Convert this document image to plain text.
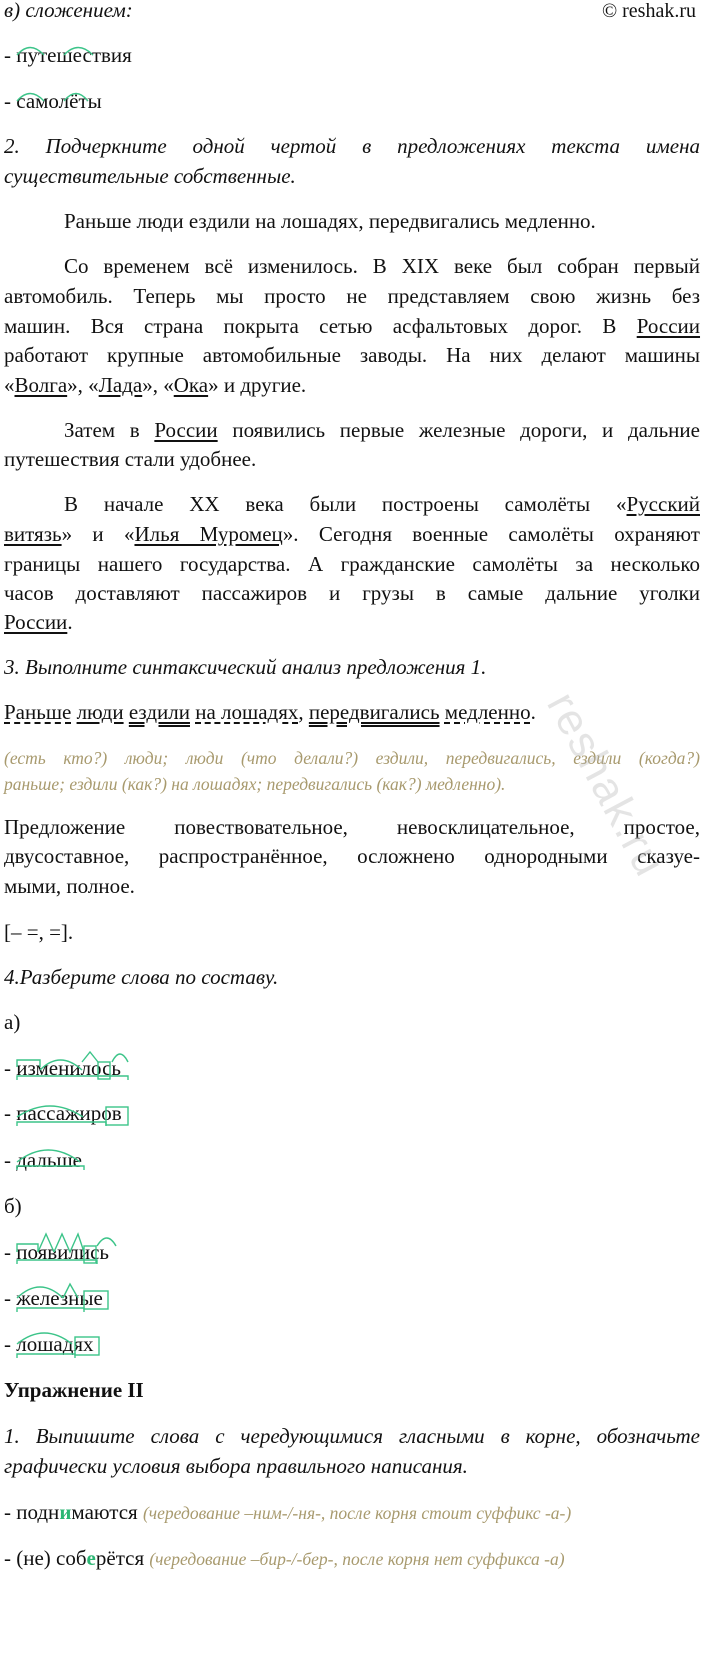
© reshak.ru
в) сложением:
- путешествия
- самолёты
2. Подчеркните одной чертой в предложениях текста имена
существительные собственные.
Раньше люди ездили на лошадях, передвигались медленно.
Со временем всё изменилось. В XIX веке был собран первый
автомобиль. Теперь мы просто не представляем свою жизнь без
машин. Вся страна покрыта сетью асфальтовых дорог. В России
работают крупные автомобильные заводы. На них делают машины
«Волга», «Лада», «Ока» и другие.
Затем в России появились первые железные дороги, и дальние
путешествия стали удобнее.
В начале XX века были построены самолёты «Русский
витязь» и «Илья Муромец». Сегодня военные самолёты охраняют
границы нашего государства. А гражданские самолёты за несколько
часов доставляют пассажиров и грузы в самые дальние уголки
России.
3. Выполните синтаксический анализ предложения 1.
Раньше люди ездили на лошадях, передвигались медленно.
(есть кто?) люди; люди (что делали?) ездили, передвигались, ездили (когда?)
раньше; ездили (как?) на лошадях; передвигались (как?) медленно).
Предложение повествовательное, невосклицательное, простое,
двусоставное, распространённое, осложнено однородными сказуе-
мыми, полное.
[– =, =].
4.Разберите слова по составу.
а)
- изменилось
- пассажиров
- дальше
б)
- появились
- железные
- лошадях
Упражнение II
1. Выпишите слова с чередующимися гласными в корне, обозначьте
графически условия выбора правильного написания.
- поднимаются (чередование –ним-/-ня-, после корня стоит суффикс -а-)
- (не) соберётся (чередование –бир-/-бер-, после корня нет суффикса -а)
reshak.ru
